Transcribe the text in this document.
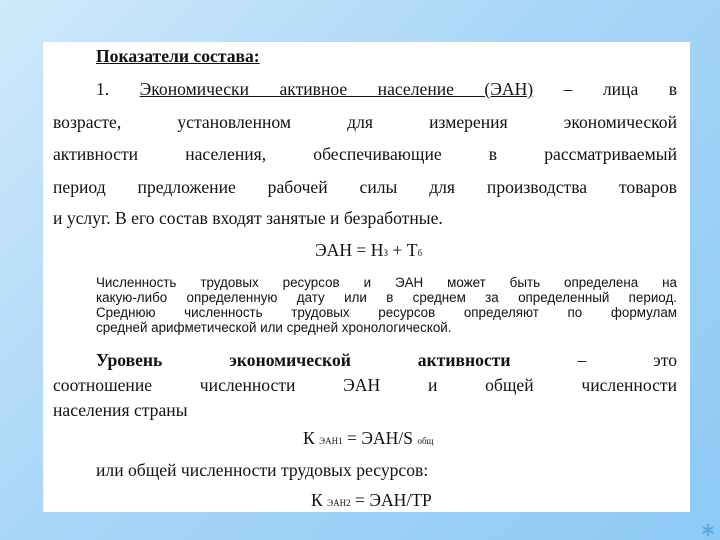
Показатели состава:
1. Экономически активное население (ЭАН) – лица в
возрасте, установленном для измерения экономической
активности населения, обеспечивающие в рассматриваемый
период предложение рабочей силы для производства товаров
и услуг. В его состав входят занятые и безработные.
ЭАН = НЗ + Тб
Численность трудовых ресурсов и ЭАН может быть определена на
какую-либо определенную дату или в среднем за определенный период.
Среднюю численность трудовых ресурсов определяют по формулам
средней арифметической или средней хронологической.
Уровень экономической активности	– это
соотношение численности ЭАН и общей численности
населения страны
К ЭАН1 = ЭАН/S общ
или общей численности трудовых ресурсов:
К ЭАН2 = ЭАН/ТР
